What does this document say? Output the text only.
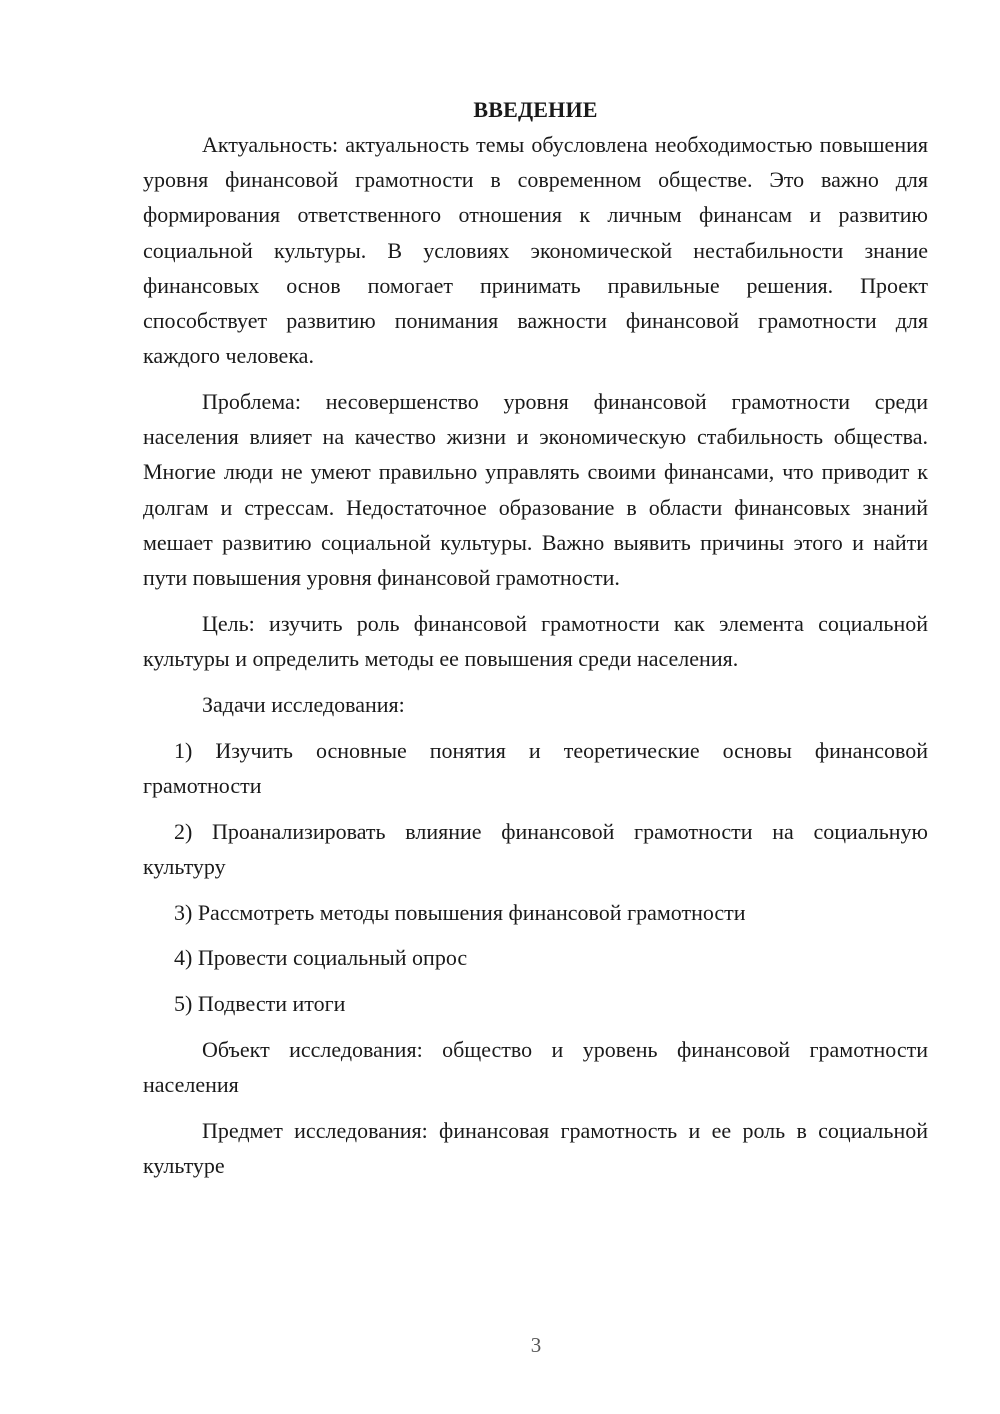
ВВЕДЕНИЕ

Актуальность: актуальность темы обусловлена необходимостью повышения уровня финансовой грамотности в современном обществе. Это важно для формирования ответственного отношения к личным финансам и развитию социальной культуры. В условиях экономической нестабильности знание финансовых основ помогает принимать правильные решения. Проект способствует развитию понимания важности финансовой грамотности для каждого человека.

Проблема: несовершенство уровня финансовой грамотности среди населения влияет на качество жизни и экономическую стабильность общества. Многие люди не умеют правильно управлять своими финансами, что приводит к долгам и стрессам. Недостаточное образование в области финансовых знаний мешает развитию социальной культуры. Важно выявить причины этого и найти пути повышения уровня финансовой грамотности.

Цель: изучить роль финансовой грамотности как элемента социальной культуры и определить методы ее повышения среди населения.

Задачи исследования:

1) Изучить основные понятия и теоретические основы финансовой грамотности

2) Проанализировать влияние финансовой грамотности на социальную культуру

3) Рассмотреть методы повышения финансовой грамотности

4) Провести социальный опрос

5) Подвести итоги

Объект исследования: общество и уровень финансовой грамотности населения

Предмет исследования: финансовая грамотность и ее роль в социальной культуре

3
